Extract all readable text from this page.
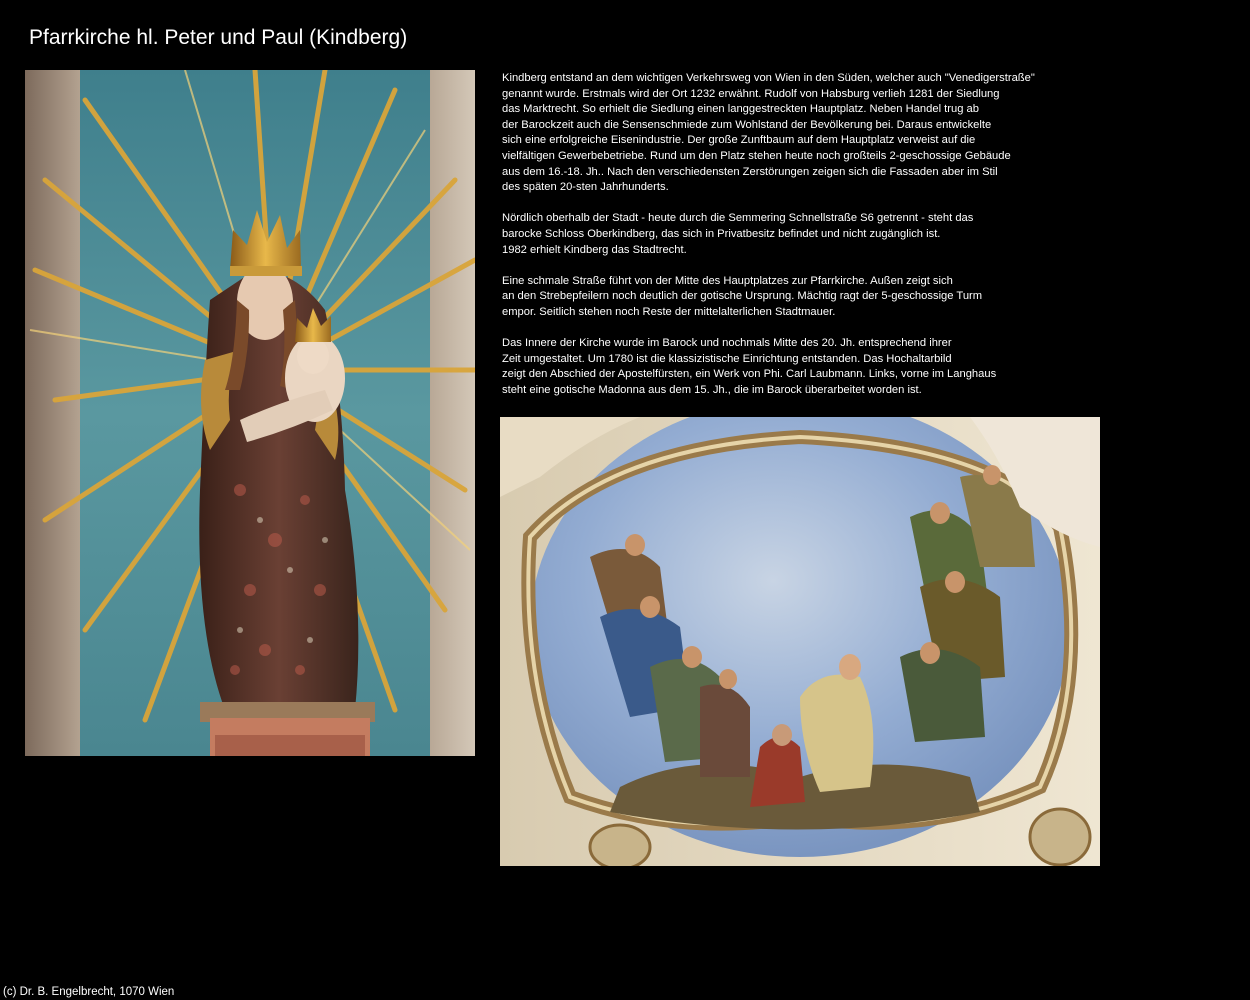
Pfarrkirche hl. Peter und Paul (Kindberg)

Kindberg entstand an dem wichtigen Verkehrsweg von Wien in den Süden, welcher auch "Venedigerstraße"
genannt wurde. Erstmals wird der Ort 1232 erwähnt. Rudolf von Habsburg verlieh 1281 der Siedlung
das Marktrecht. So erhielt die Siedlung einen langgestreckten Hauptplatz. Neben Handel trug ab
der Barockzeit auch die Sensenschmiede zum Wohlstand der Bevölkerung bei. Daraus entwickelte
sich eine erfolgreiche Eisenindustrie. Der große Zunftbaum auf dem Hauptplatz verweist auf die
vielfältigen Gewerbebetriebe. Rund um den Platz stehen heute noch großteils 2-geschossige Gebäude
aus dem 16.-18. Jh.. Nach den verschiedensten Zerstörungen zeigen sich die Fassaden aber im Stil
des späten 20-sten Jahrhunderts.

Nördlich oberhalb der Stadt - heute durch die Semmering Schnellstraße S6 getrennt - steht das
barocke Schloss Oberkindberg, das sich in Privatbesitz befindet und nicht zugänglich ist.
1982 erhielt Kindberg das Stadtrecht.

Eine schmale Straße führt von der Mitte des Hauptplatzes zur Pfarrkirche. Außen zeigt sich
an den Strebepfeilern noch deutlich der gotische Ursprung. Mächtig ragt der 5-geschossige Turm
empor. Seitlich stehen noch Reste der mittelalterlichen Stadtmauer.

Das Innere der Kirche wurde im Barock und nochmals Mitte des 20. Jh. entsprechend ihrer
Zeit umgestaltet. Um 1780 ist die klassizistische Einrichtung entstanden. Das Hochaltarbild
zeigt den Abschied der Apostelfürsten, ein Werk von Phi. Carl Laubmann. Links, vorne im Langhaus
steht eine gotische Madonna aus dem 15. Jh., die im Barock überarbeitet worden ist.

(c) Dr. B. Engelbrecht, 1070 Wien
